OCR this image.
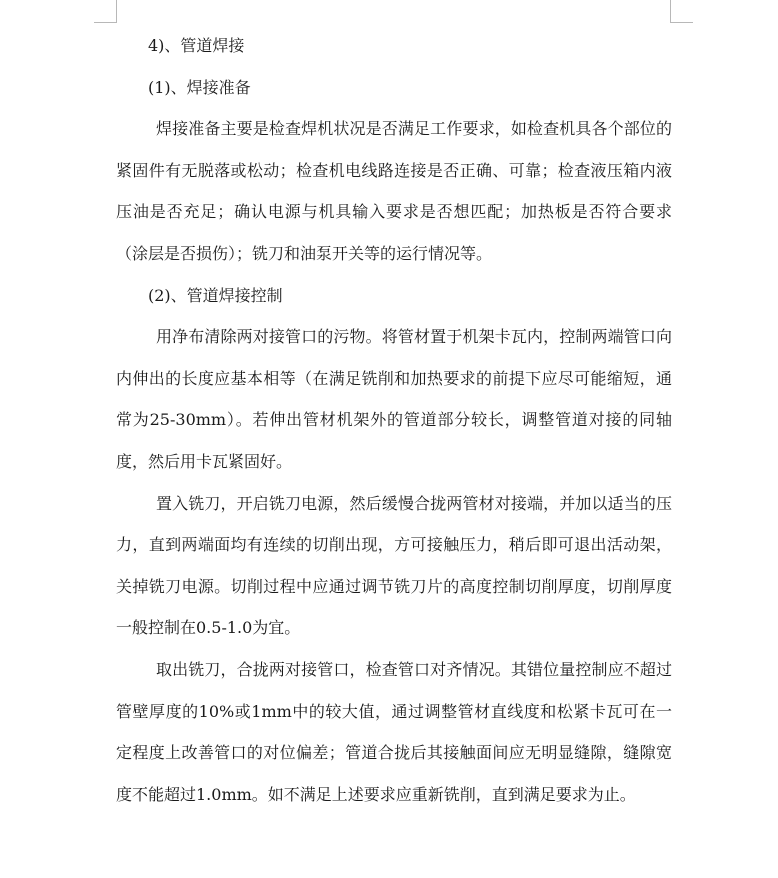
4)、管道焊接

(1)、焊接准备

焊接准备主要是检查焊机状况是否满足工作要求，如检查机具各个部位的紧固件有无脱落或松动；检查机电线路连接是否正确、可靠；检查液压箱内液压油是否充足；确认电源与机具输入要求是否想匹配；加热板是否符合要求（涂层是否损伤）；铣刀和油泵开关等的运行情况等。

(2)、管道焊接控制

用净布清除两对接管口的污物。将管材置于机架卡瓦内，控制两端管口向内伸出的长度应基本相等（在满足铣削和加热要求的前提下应尽可能缩短，通常为25-30mm）。若伸出管材机架外的管道部分较长，调整管道对接的同轴度，然后用卡瓦紧固好。

置入铣刀，开启铣刀电源，然后缓慢合拢两管材对接端，并加以适当的压力，直到两端面均有连续的切削出现，方可接触压力，稍后即可退出活动架，关掉铣刀电源。切削过程中应通过调节铣刀片的高度控制切削厚度，切削厚度一般控制在0.5-1.0为宜。

取出铣刀，合拢两对接管口，检查管口对齐情况。其错位量控制应不超过管壁厚度的10%或1mm中的较大值，通过调整管材直线度和松紧卡瓦可在一定程度上改善管口的对位偏差；管道合拢后其接触面间应无明显缝隙，缝隙宽度不能超过1.0mm。如不满足上述要求应重新铣削，直到满足要求为止。
